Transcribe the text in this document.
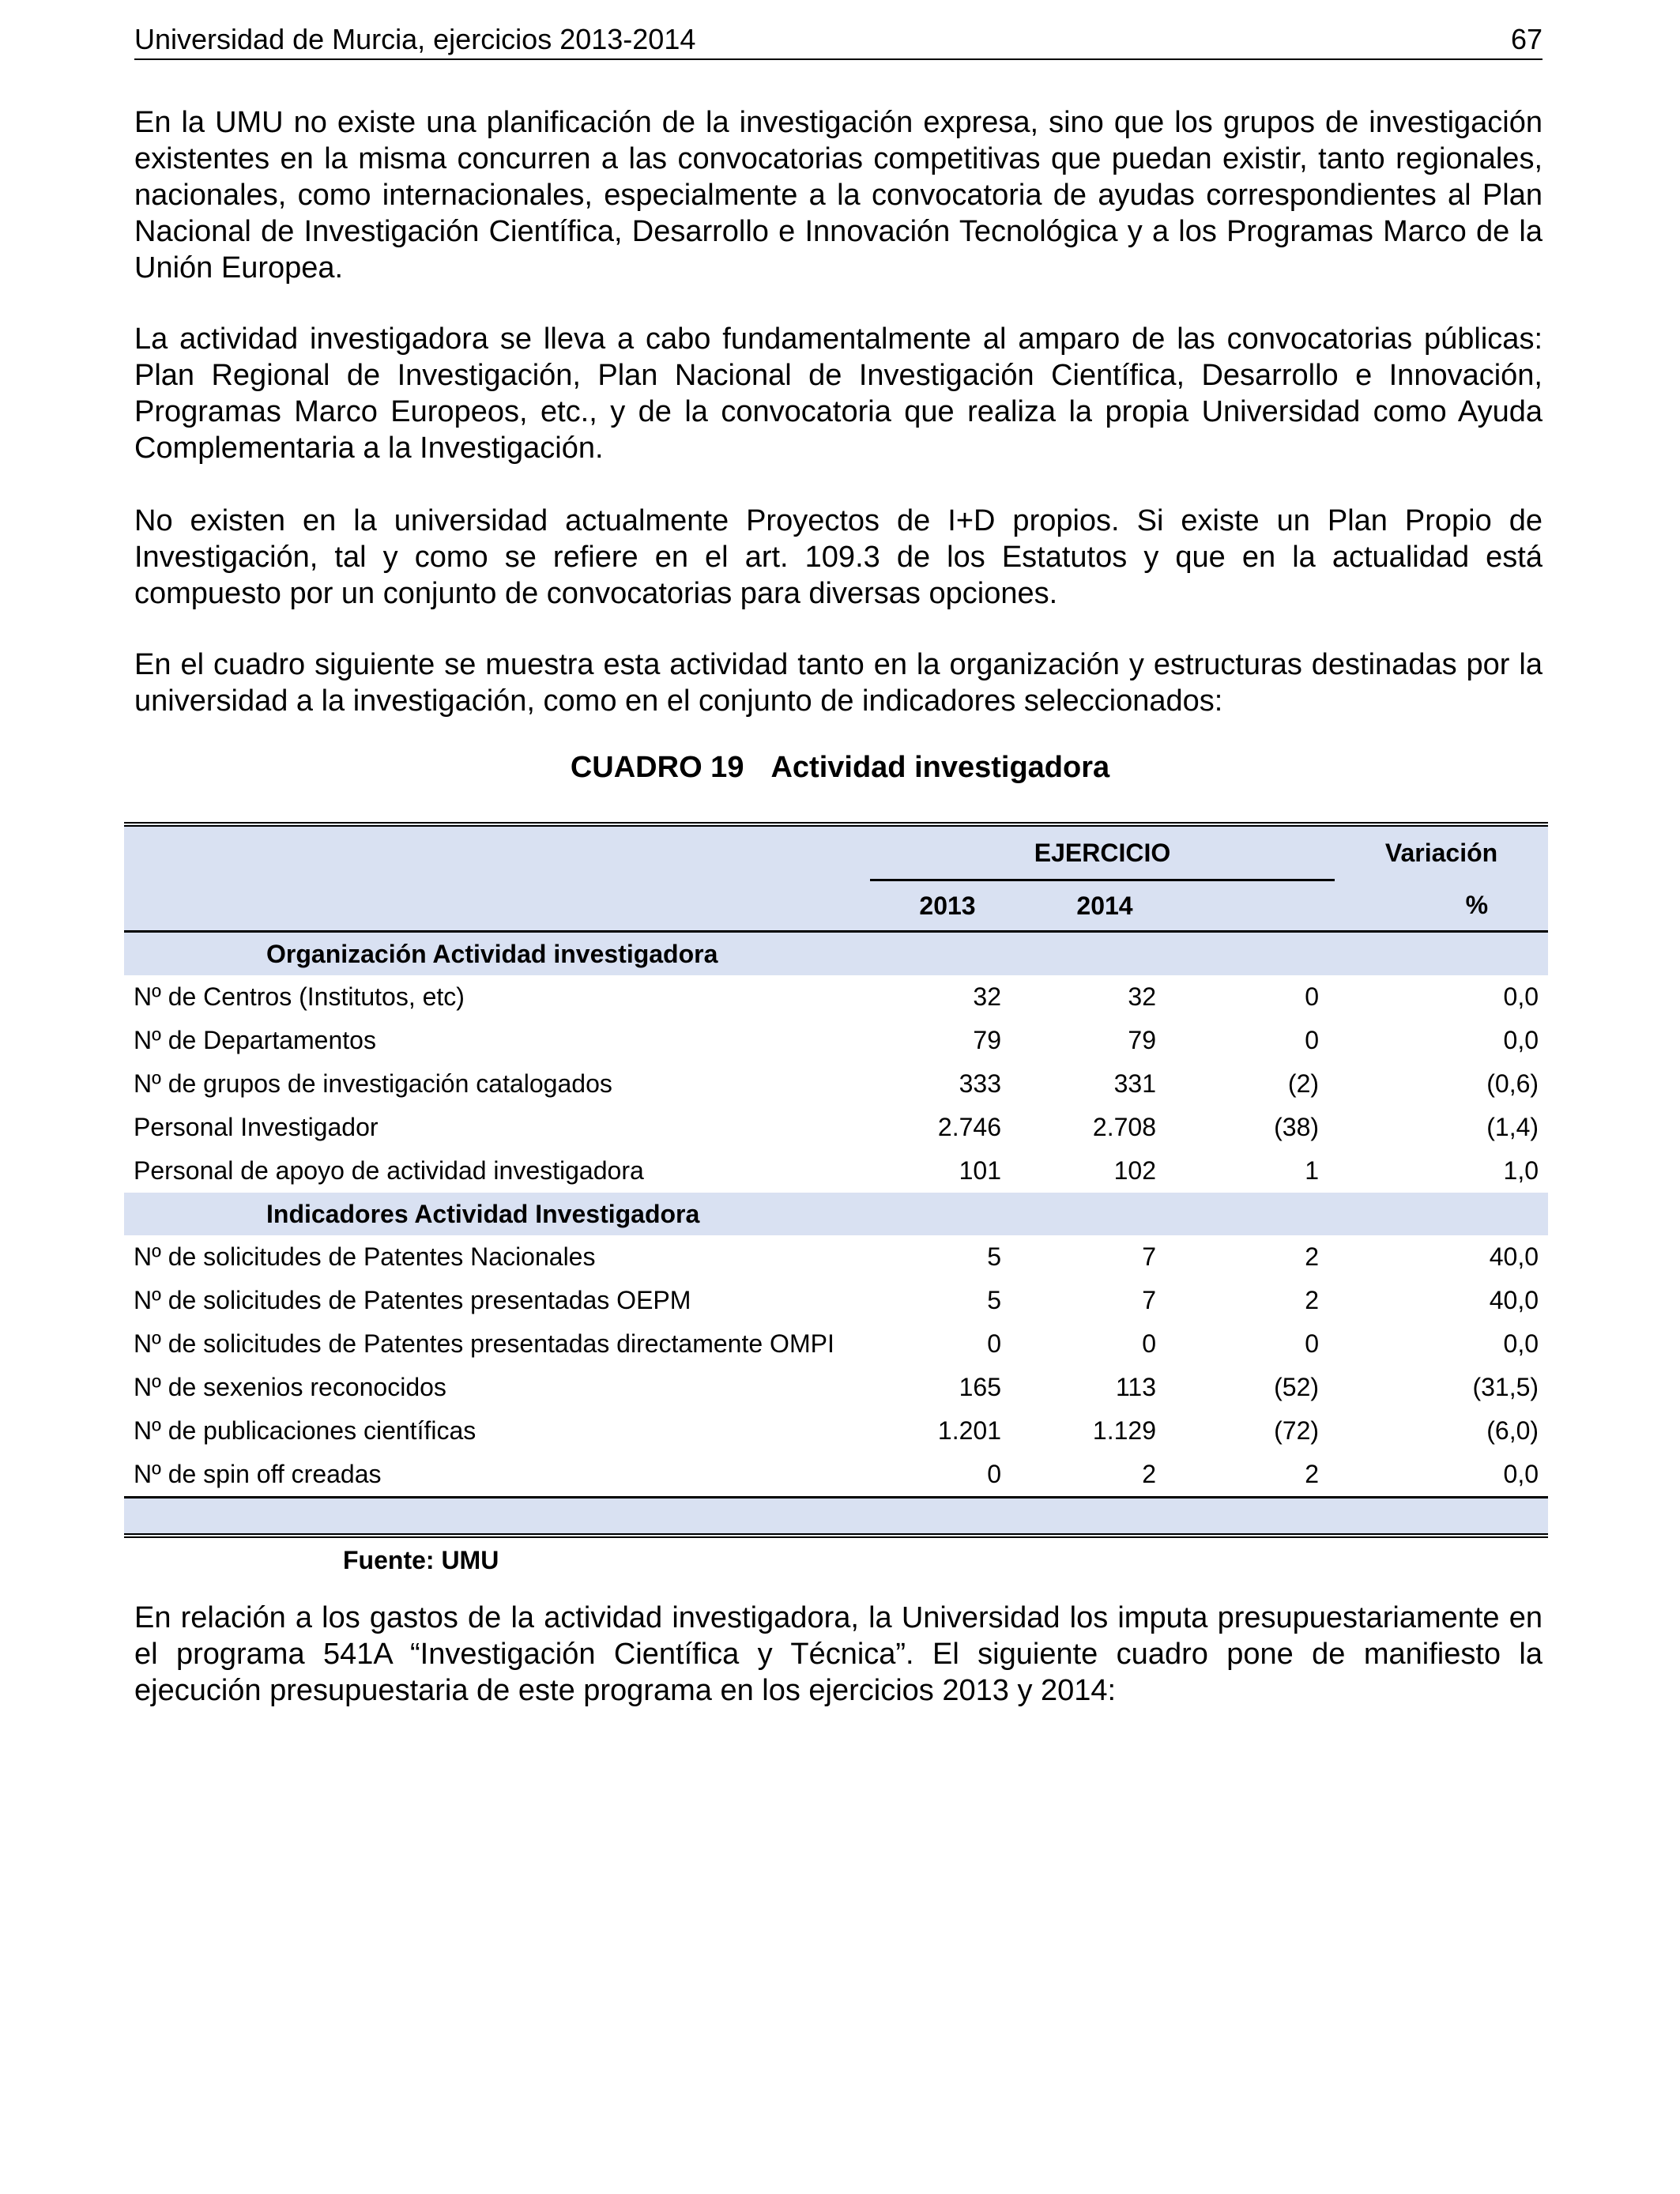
Universidad de Murcia, ejercicios 2013-2014	67
En la UMU no existe una planificación de la investigación expresa, sino que los grupos de investigación existentes en la misma concurren a las convocatorias competitivas que puedan existir, tanto regionales, nacionales, como internacionales, especialmente a la convocatoria de ayudas correspondientes al Plan Nacional de Investigación Científica, Desarrollo e Innovación Tecnológica y a los Programas Marco de la Unión Europea.
La actividad investigadora se lleva a cabo fundamentalmente al amparo de las convocatorias públicas: Plan Regional de Investigación, Plan Nacional de Investigación Científica, Desarrollo e Innovación, Programas Marco Europeos, etc., y de la convocatoria que realiza la propia Universidad como Ayuda Complementaria a la Investigación.
No existen en la universidad actualmente Proyectos de I+D propios. Si existe un Plan Propio de Investigación, tal y como se refiere en el art. 109.3 de los Estatutos y que en la actualidad está compuesto por un conjunto de convocatorias para diversas opciones.
En el cuadro siguiente se muestra esta actividad tanto en la organización y estructuras destinadas por la universidad a la investigación, como en el conjunto de indicadores seleccionados:
CUADRO 19 Actividad investigadora
	EJERCICIO			Variación
	2013	2014		%
Organización Actividad investigadora				
Nº de Centros (Institutos, etc)	32	32	0	0,0
Nº de Departamentos	79	79	0	0,0
Nº de grupos de investigación catalogados	333	331	(2)	(0,6)
Personal Investigador	2.746	2.708	(38)	(1,4)
Personal de apoyo de actividad investigadora	101	102	1	1,0
Indicadores Actividad Investigadora				
Nº de solicitudes de Patentes Nacionales	5	7	2	40,0
Nº de solicitudes de Patentes presentadas OEPM	5	7	2	40,0
Nº de solicitudes de Patentes presentadas directamente OMPI	0	0	0	0,0
Nº de sexenios reconocidos	165	113	(52)	(31,5)
Nº de publicaciones científicas	1.201	1.129	(72)	(6,0)
Nº de spin off creadas	0	2	2	0,0

Fuente: UMU
En relación a los gastos de la actividad investigadora, la Universidad los imputa presupuestariamente en el programa 541A “Investigación Científica y Técnica”. El siguiente cuadro pone de manifiesto la ejecución presupuestaria de este programa en los ejercicios 2013 y 2014:
